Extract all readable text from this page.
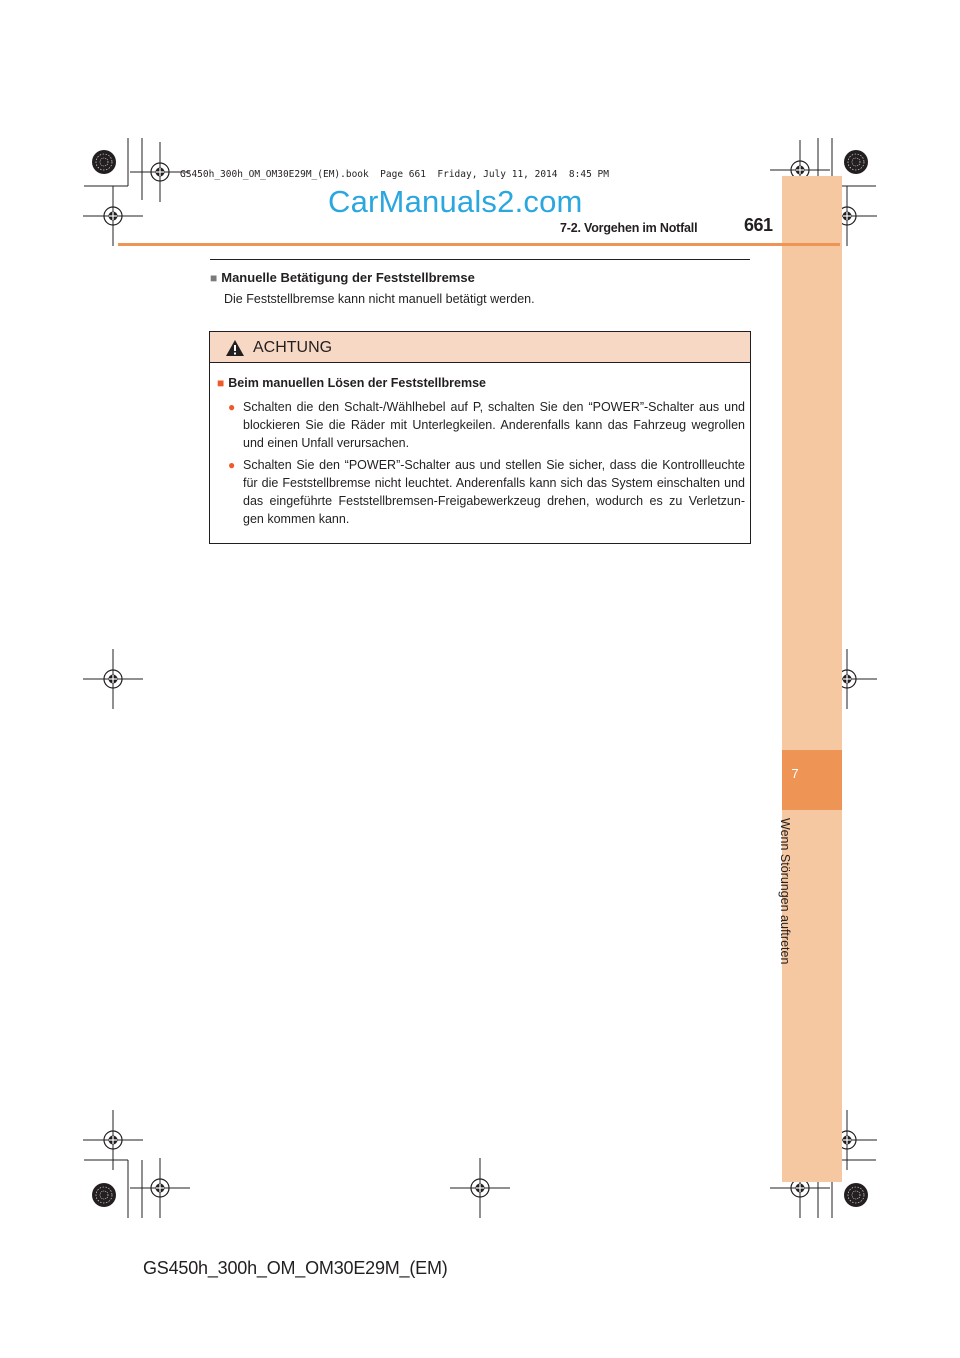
7
Wenn Störungen auftreten
GS450h_300h_OM_OM30E29M_(EM).book  Page 661  Friday, July 11, 2014  8:45 PM
CarManuals2.com
7-2. Vorgehen im Notfall	661
■ Manuelle Betätigung der Feststellbremse
Die Feststellbremse kann nicht manuell betätigt werden.
ACHTUNG
■ Beim manuellen Lösen der Feststellbremse
● Schalten die den Schalt-/Wählhebel auf P, schalten Sie den “POWER”-Schalter aus und blockieren Sie die Räder mit Unterlegkeilen. Anderenfalls kann das Fahrzeug wegrollen und einen Unfall verursachen.
● Schalten Sie den “POWER”-Schalter aus und stellen Sie sicher, dass die Kontrollleuchte für die Feststellbremse nicht leuchtet. Anderenfalls kann sich das System einschalten und das eingeführte Feststellbremsen-Freigabewerkzeug drehen, wodurch es zu Verletzun-gen kommen kann.
GS450h_300h_OM_OM30E29M_(EM)
